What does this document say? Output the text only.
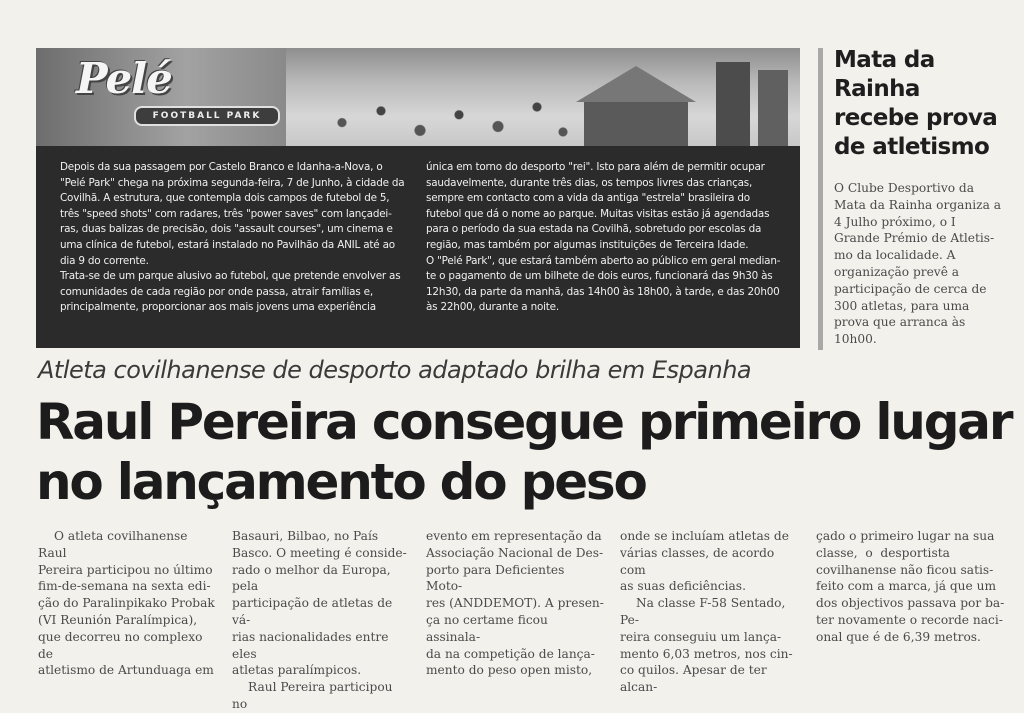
Pelé
FOOTBALL PARK

Depois da sua passagem por Castelo Branco e Idanha-a-Nova, o

"Pelé Park" chega na próxima segunda-feira, 7 de Junho, à cidade da

Covilhã. A estrutura, que contempla dois campos de futebol de 5,

três "speed shots" com radares, três "power saves" com lançadei-

ras, duas balizas de precisão, dois "assault courses", um cinema e

uma clínica de futebol, estará instalado no Pavilhão da ANIL até ao

dia 9 do corrente.

Trata-se de um parque alusivo ao futebol, que pretende envolver as

comunidades de cada região por onde passa, atrair famílias e,

principalmente, proporcionar aos mais jovens uma experiência

única em torno do desporto "rei". Isto para além de permitir ocupar

saudavelmente, durante três dias, os tempos livres das crianças,

sempre em contacto com a vida da antiga "estrela" brasileira do

futebol que dá o nome ao parque. Muitas visitas estão já agendadas

para o período da sua estada na Covilhã, sobretudo por escolas da

região, mas também por algumas instituições de Terceira Idade.

O "Pelé Park", que estará também aberto ao público em geral median-

te o pagamento de um bilhete de dois euros, funcionará das 9h30 às

12h30, da parte da manhã, das 14h00 às 18h00, à tarde, e das 20h00

às 22h00, durante a noite.

Mata da
Rainha
recebe prova
de atletismo
O Clube Desportivo da
Mata da Rainha organiza a
4 Julho próximo, o I
Grande Prémio de Atletis-
mo da localidade. A
organização prevê a
participação de cerca de
300 atletas, para uma
prova que arranca às
10h00.
Atleta covilhanense de desporto adaptado brilha em Espanha
Raul Pereira consegue primeiro lugar
no lançamento do peso

O atleta covilhanense Raul

Pereira participou no último

fim-de-semana na sexta edi-

ção do Paralinpikako Probak

(VI Reunión Paralímpica),

que decorreu no complexo de

atletismo de Artunduaga em

Basauri, Bilbao, no País

Basco. O meeting é conside-

rado o melhor da Europa, pela

participação de atletas de vá-

rias nacionalidades entre eles

atletas paralímpicos.

Raul Pereira participou no

evento em representação da

Associação Nacional de Des-

porto para Deficientes Moto-

res (ANDDEMOT). A presen-

ça no certame ficou assinala-

da na competição de lança-

mento do peso open misto,

onde se incluíam atletas de

várias classes, de acordo com

as suas deficiências.

Na classe F-58 Sentado, Pe-

reira conseguiu um lança-

mento 6,03 metros, nos cin-

co quilos. Apesar de ter alcan-

çado o primeiro lugar na sua

classe,  o  desportista

covilhanense não ficou satis-

feito com a marca, já que um

dos objectivos passava por ba-

ter novamente o recorde naci-

onal que é de 6,39 metros.
